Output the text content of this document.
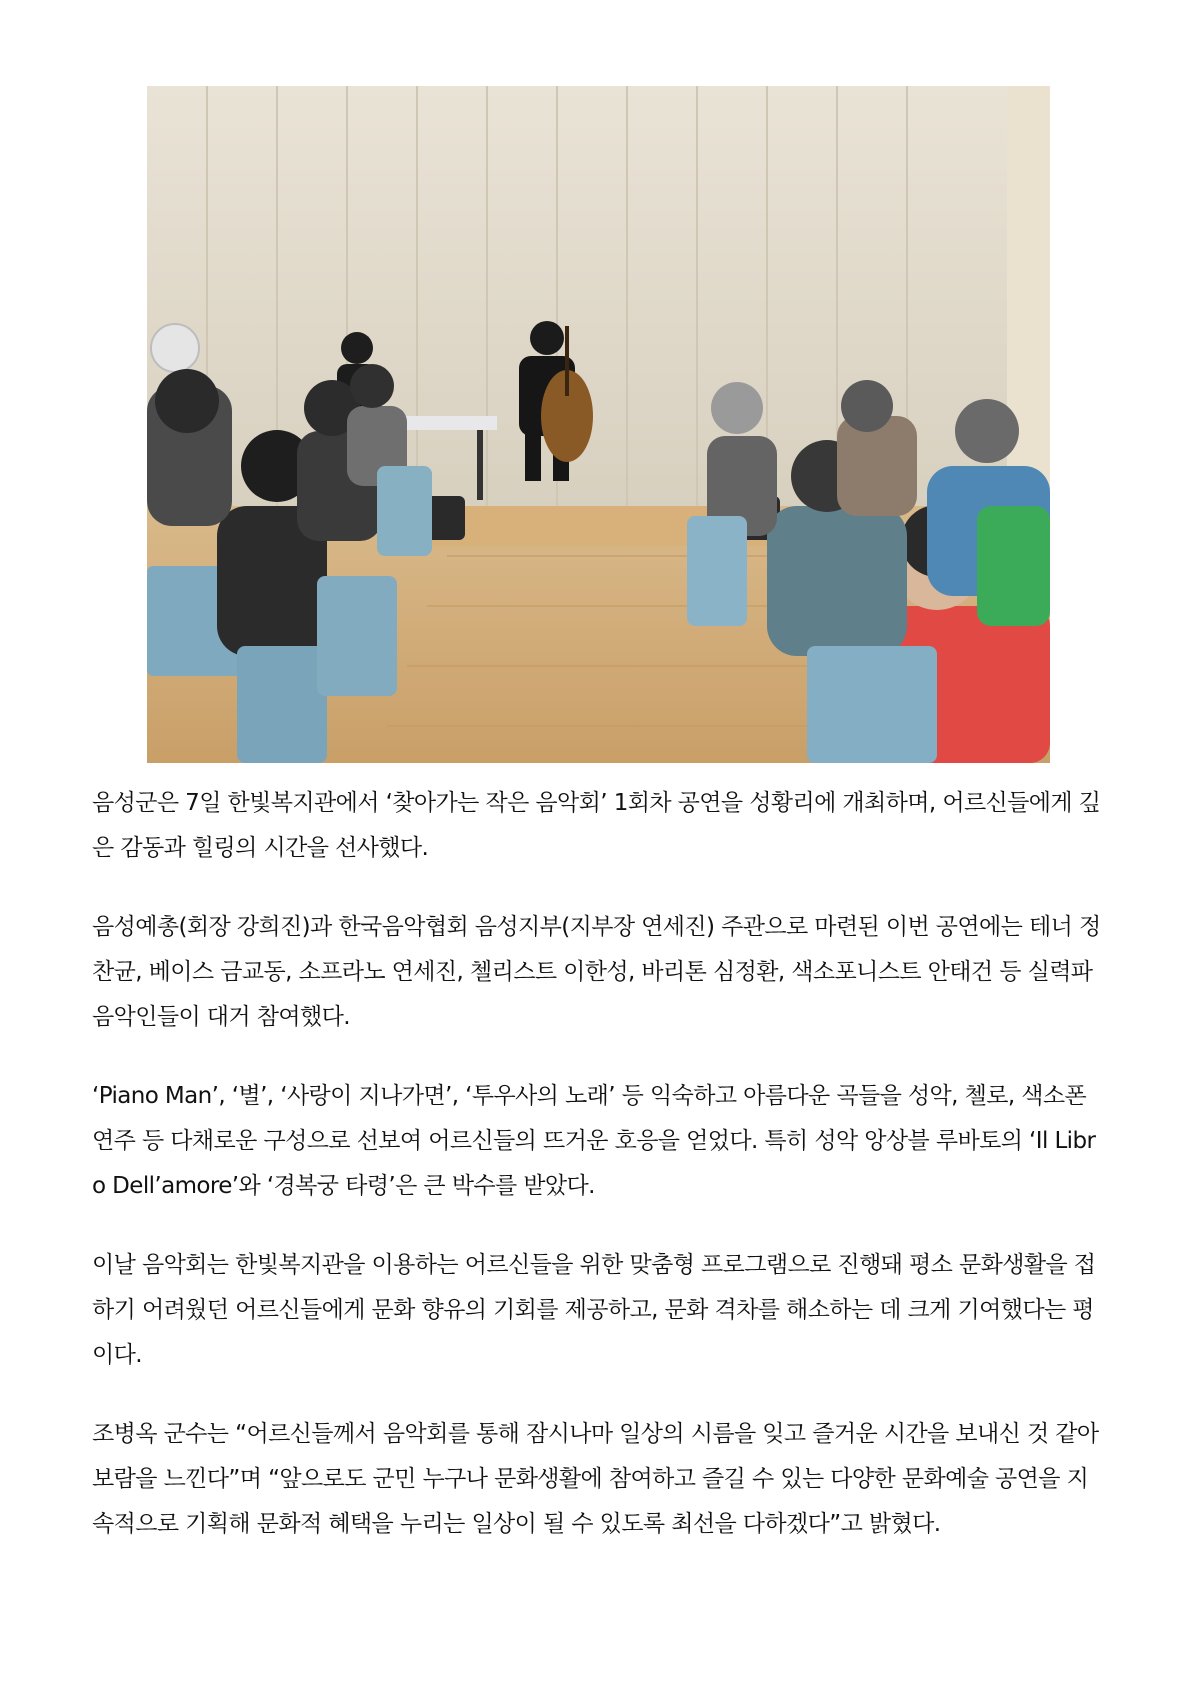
음성군은 7일 한빛복지관에서 ‘찾아가는 작은 음악회’ 1회차 공연을 성황리에 개최하며, 어르신들에게 깊은 감동과 힐링의 시간을 선사했다.

음성예총(회장 강희진)과 한국음악협회 음성지부(지부장 연세진) 주관으로 마련된 이번 공연에는 테너 정찬균, 베이스 금교동, 소프라노 연세진, 첼리스트 이한성, 바리톤 심정환, 색소포니스트 안태건 등 실력파 음악인들이 대거 참여했다.

‘Piano Man’, ‘별’, ‘사랑이 지나가면’, ‘투우사의 노래’ 등 익숙하고 아름다운 곡들을 성악, 첼로, 색소폰 연주 등 다채로운 구성으로 선보여 어르신들의 뜨거운 호응을 얻었다. 특히 성악 앙상블 루바토의 ‘Il Libro Dell’amore’와 ‘경복궁 타령’은 큰 박수를 받았다.

이날 음악회는 한빛복지관을 이용하는 어르신들을 위한 맞춤형 프로그램으로 진행돼 평소 문화생활을 접하기 어려웠던 어르신들에게 문화 향유의 기회를 제공하고, 문화 격차를 해소하는 데 크게 기여했다는 평이다.

조병옥 군수는 “어르신들께서 음악회를 통해 잠시나마 일상의 시름을 잊고 즐거운 시간을 보내신 것 같아 보람을 느낀다”며 “앞으로도 군민 누구나 문화생활에 참여하고 즐길 수 있는 다양한 문화예술 공연을 지속적으로 기획해 문화적 혜택을 누리는 일상이 될 수 있도록 최선을 다하겠다”고 밝혔다.
